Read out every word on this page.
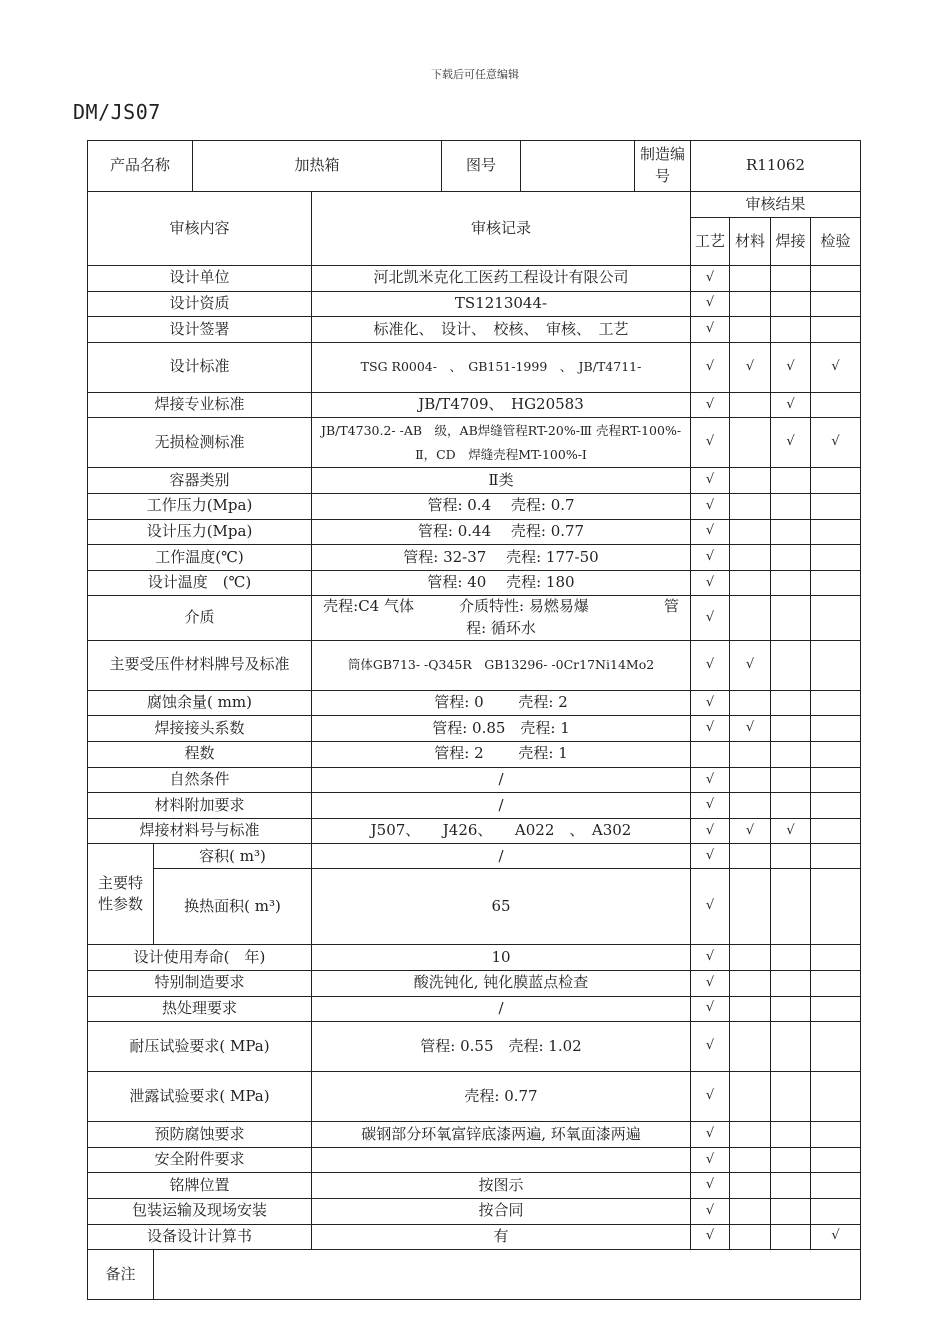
下载后可任意编辑
DM/JS07
产品名称		加热箱		图号		制造编号	R11062			
审核内容			审核记录				审核结果			
							工艺	材料	焊接	检验
设计单位			河北凯米克化工医药工程设计有限公司				√			
设计资质			TS1213044-				√			
设计签署			标准化、　设计、　校核、　审核、　工艺				√			
设计标准			TSG R0004-　、　GB151-1999　、　JB/T4711-				√	√	√	√
焊接专业标准			JB/T4709、　HG20583				√		√	
无损检测标准			JB/T4730.2- -AB　级，AB焊缝管程RT-20%-Ⅲ 壳程RT-100%-Ⅱ，CD　焊缝壳程MT-100%-Ⅰ				√		√	√
容器类别			Ⅱ类				√			
工作压力(Mpa)			管程: 0.4　 壳程: 0.7				√			
设计压力(Mpa)			管程: 0.44　 壳程: 0.77				√			
工作温度(℃)			管程: 32-37　 壳程: 177-50				√			
设计温度　(℃)			管程: 40　 壳程: 180				√			
介质			壳程:C4 气体　　　介质特性: 易燃易爆　　　　　管程: 循环水				√			
主要受压件材料牌号及标准			筒体GB713- -Q345R　GB13296- -0Cr17Ni14Mo2				√	√		
腐蚀余量( mm)			管程: 0　　 壳程: 2				√			
焊接接头系数			管程: 0.85　壳程: 1				√	√		
程数			管程: 2　　 壳程: 1							
自然条件			/				√			
材料附加要求			/				√			
焊接材料号与标准			J507、　　J426、　　A022　、　A302				√	√	√	
主要特性参数	容积( m³)		/				√			
	换热面积( m³)		65				√			
设计使用寿命(　年)			10				√			
特别制造要求			酸洗钝化, 钝化膜蓝点检查				√			
热处理要求			/				√			
耐压试验要求( MPa)			管程: 0.55　壳程: 1.02				√			
泄露试验要求( MPa)			壳程: 0.77				√			
预防腐蚀要求			碳钢部分环氧富锌底漆两遍, 环氧面漆两遍				√			
安全附件要求							√			
铭牌位置			按图示				√			
包装运输及现场安装			按合同				√			
设备设计计算书			有				√			√
备注										
